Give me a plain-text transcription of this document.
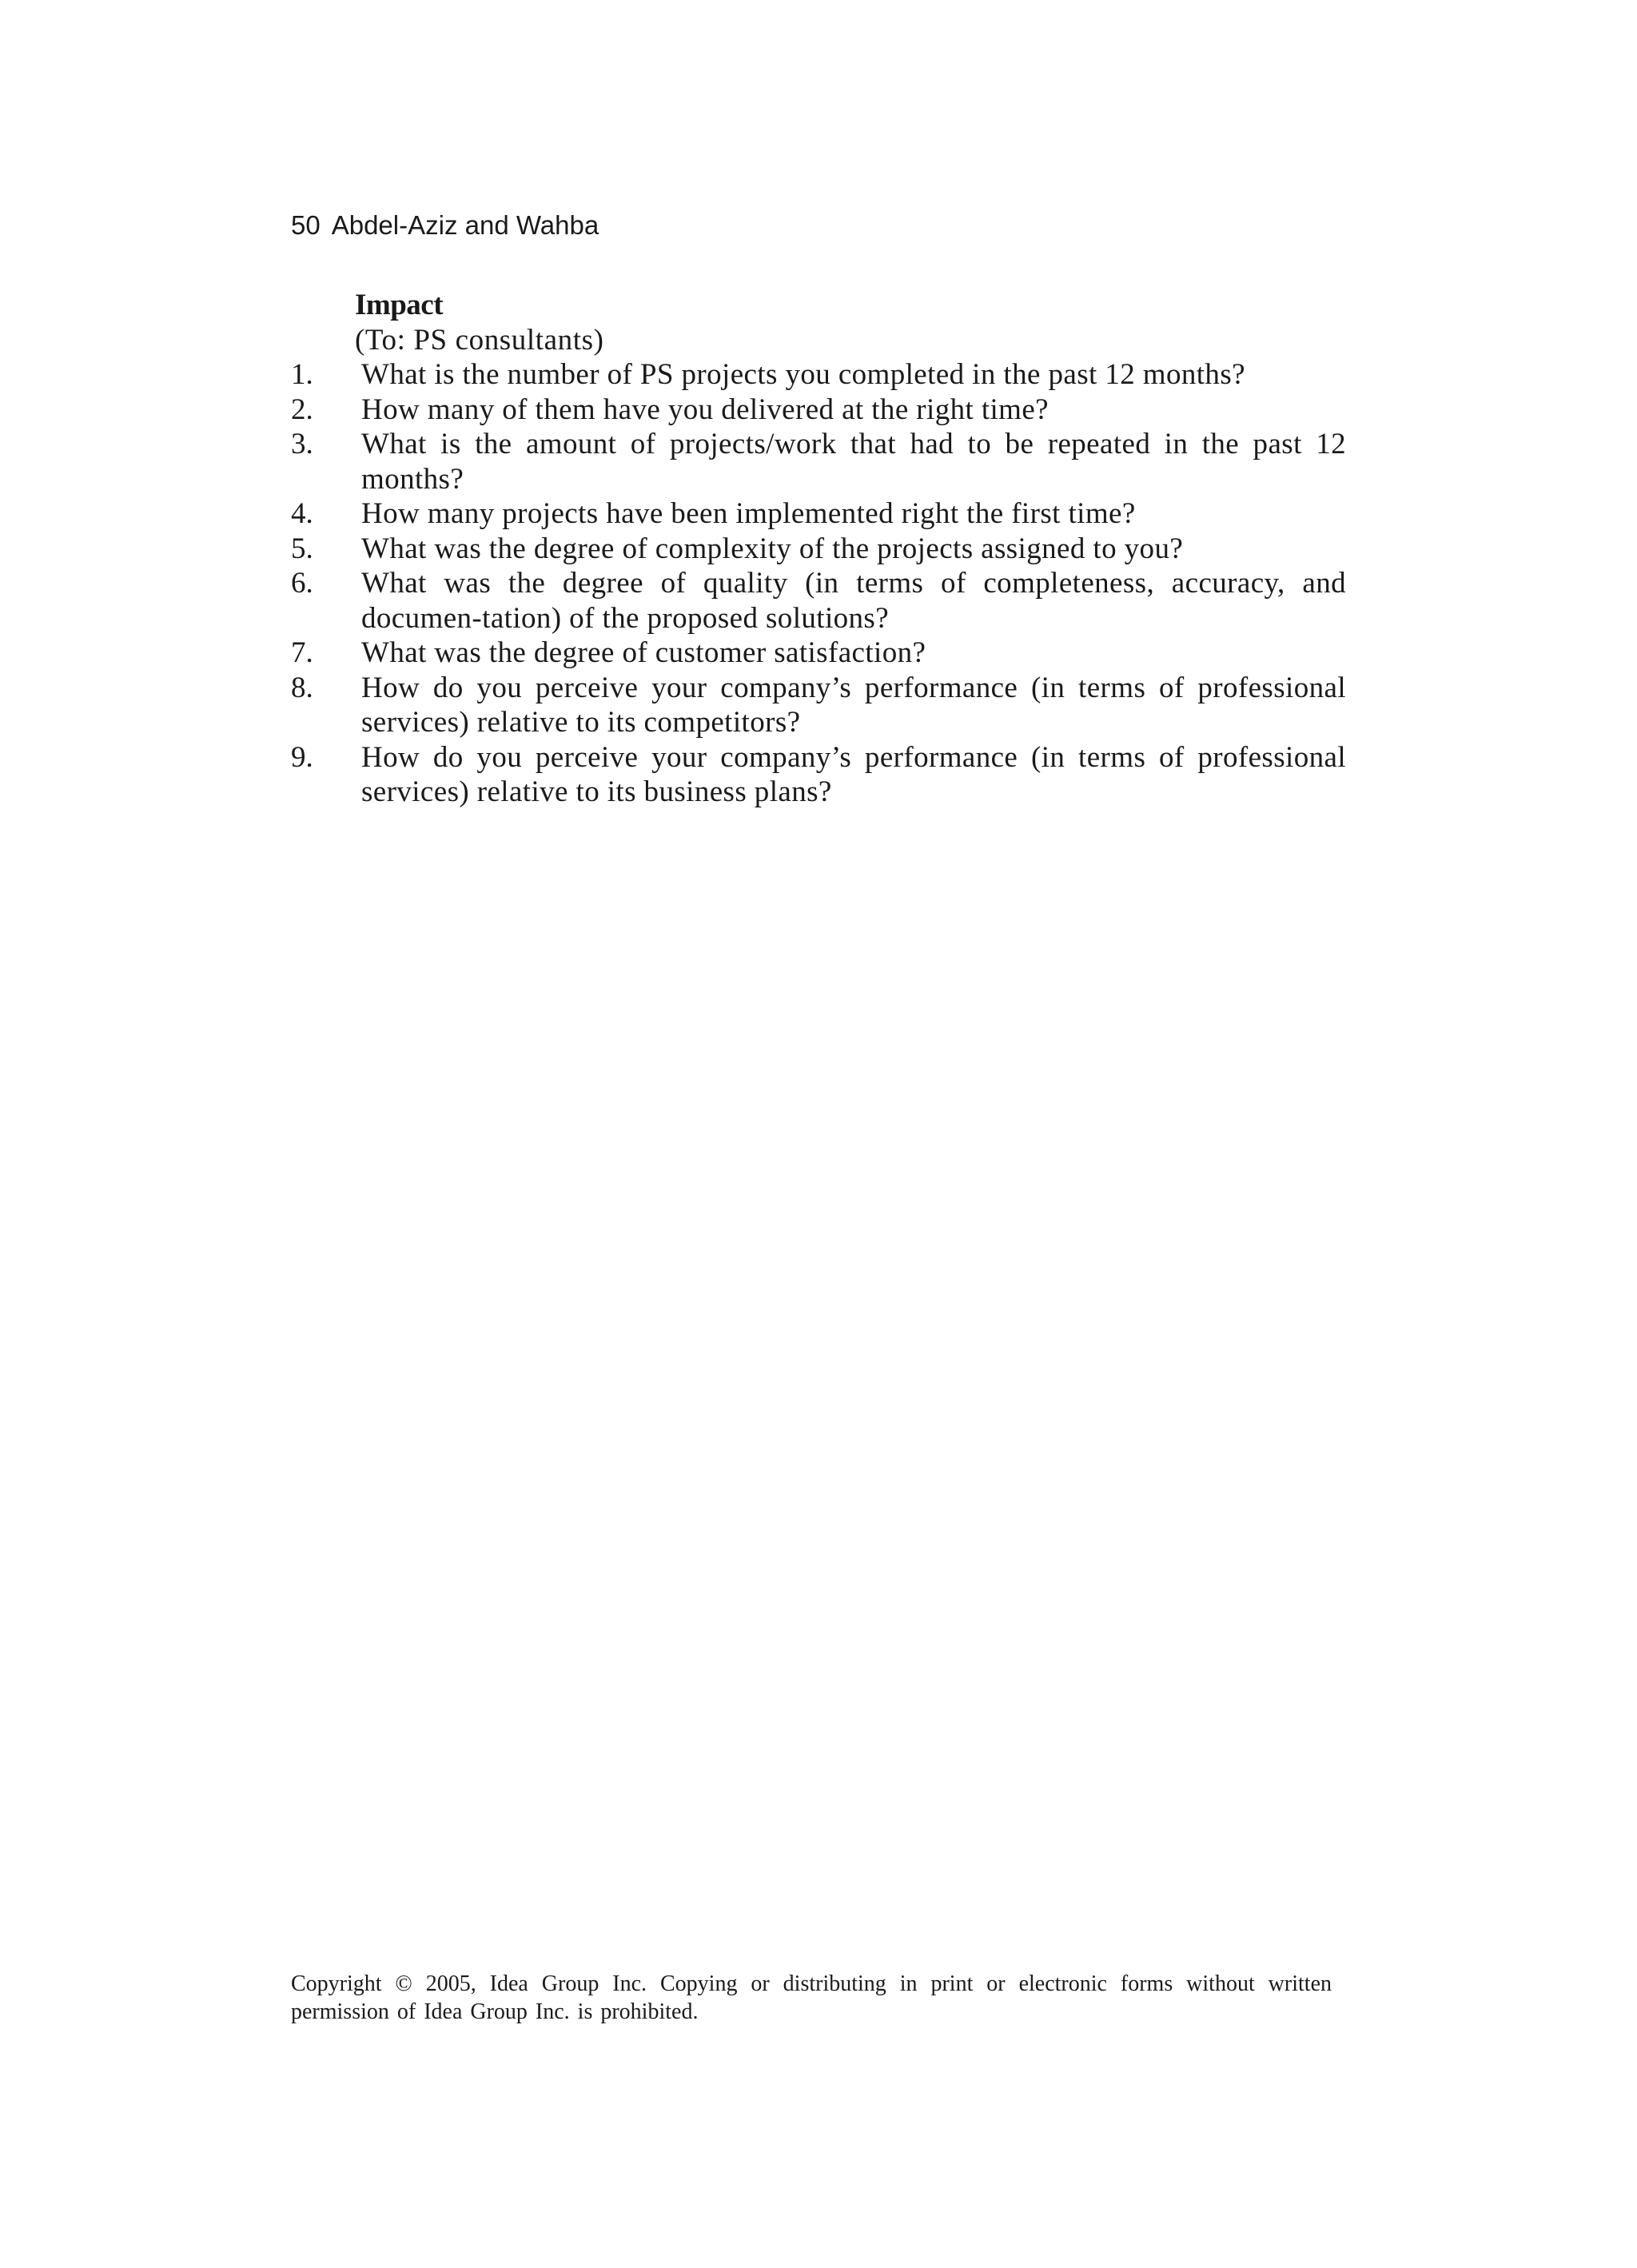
50 Abdel-Aziz and Wahba
Impact
(To: PS consultants)
1.	What is the number of PS projects you completed in the past 12 months?
2.	How many of them have you delivered at the right time?
3.	What is the amount of projects/work that had to be repeated in the past 12 months?
4.	How many projects have been implemented right the first time?
5.	What was the degree of complexity of the projects assigned to you?
6.	What was the degree of quality (in terms of completeness, accuracy, and documen-tation) of the proposed solutions?
7.	What was the degree of customer satisfaction?
8.	How do you perceive your company’s performance (in terms of professional services) relative to its competitors?
9.	How do you perceive your company’s performance (in terms of professional services) relative to its business plans?
Copyright © 2005, Idea Group Inc. Copying or distributing in print or electronic forms without written permission of Idea Group Inc. is prohibited.
